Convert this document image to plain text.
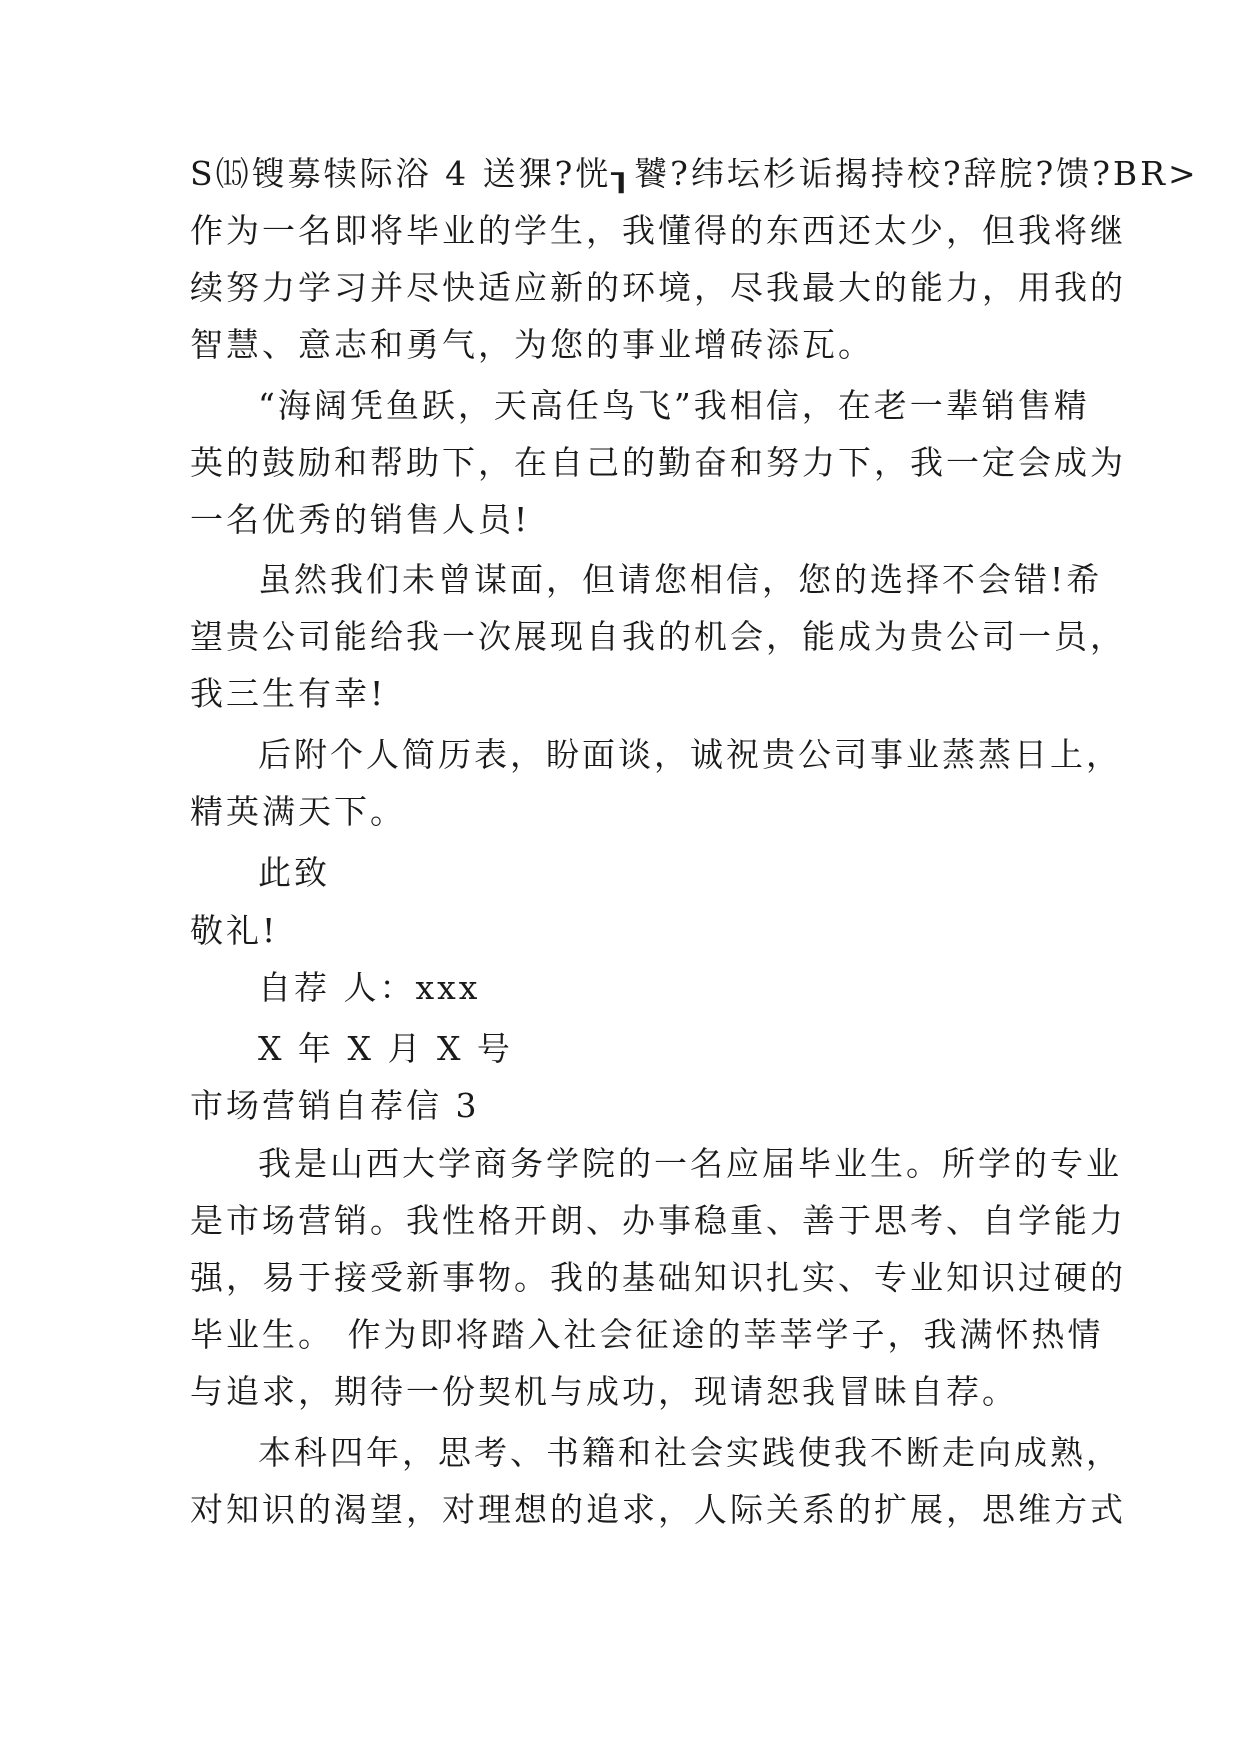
S⒂锼募犊际浴 4 送猓?恍┒饕?纬坛杉诟揭持校?辞脘?馈?BR>
作为一名即将毕业的学生，我懂得的东西还太少，但我将继
续努力学习并尽快适应新的环境，尽我最大的能力，用我的
智慧、意志和勇气，为您的事业增砖添瓦。
“海阔凭鱼跃，天高任鸟飞”我相信，在老一辈销售精
英的鼓励和帮助下，在自己的勤奋和努力下，我一定会成为
一名优秀的销售人员!
虽然我们未曾谋面，但请您相信，您的选择不会错!希
望贵公司能给我一次展现自我的机会，能成为贵公司一员，
我三生有幸!
后附个人简历表，盼面谈，诚祝贵公司事业蒸蒸日上，
精英满天下。
此致
敬礼!
自荐 人：xxx
X 年 X 月 X 号
市场营销自荐信 3
我是山西大学商务学院的一名应届毕业生。所学的专业
是市场营销。我性格开朗、办事稳重、善于思考、自学能力
强，易于接受新事物。我的基础知识扎实、专业知识过硬的
毕业生。 作为即将踏入社会征途的莘莘学子，我满怀热情
与追求，期待一份契机与成功，现请恕我冒昧自荐。
本科四年，思考、书籍和社会实践使我不断走向成熟，
对知识的渴望，对理想的追求，人际关系的扩展，思维方式
